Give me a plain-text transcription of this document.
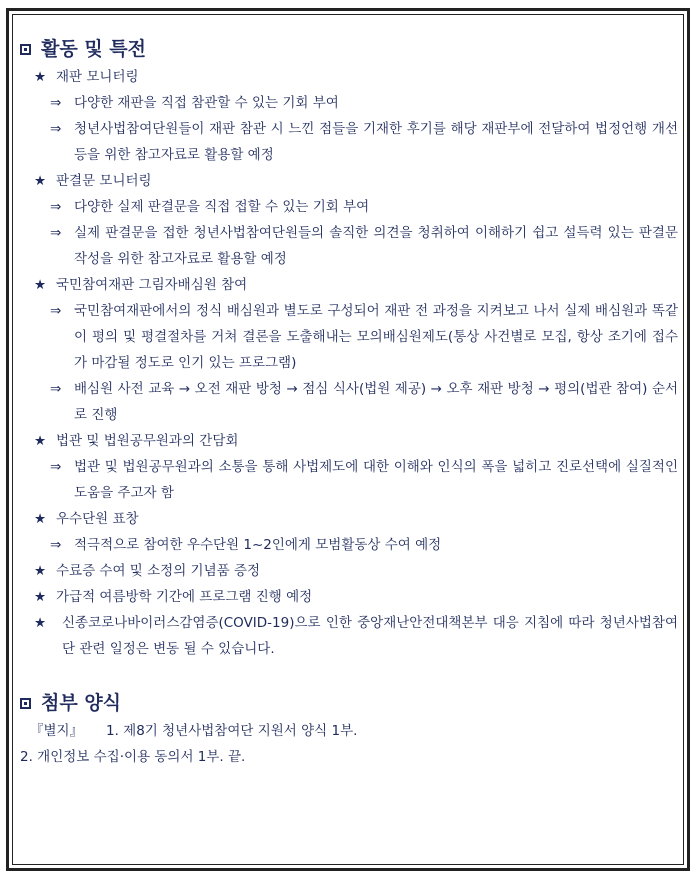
활동 및 특전
★ 재판 모니터링
⇒ 다양한 재판을 직접 참관할 수 있는 기회 부여
⇒ 청년사법참여단원들이 재판 참관 시 느낀 점들을 기재한 후기를 해당 재판부에 전달하여 법정언행 개선 등을 위한 참고자료로 활용할 예정
★ 판결문 모니터링
⇒ 다양한 실제 판결문을 직접 접할 수 있는 기회 부여
⇒ 실제 판결문을 접한 청년사법참여단원들의 솔직한 의견을 청취하여 이해하기 쉽고 설득력 있는 판결문 작성을 위한 참고자료로 활용할 예정
★ 국민참여재판 그림자배심원 참여
⇒ 국민참여재판에서의 정식 배심원과 별도로 구성되어 재판 전 과정을 지켜보고 나서 실제 배심원과 똑같이 평의 및 평결절차를 거쳐 결론을 도출해내는 모의배심원제도(통상 사건별로 모집, 항상 조기에 접수가 마감될 정도로 인기 있는 프로그램)
⇒ 배심원 사전 교육 → 오전 재판 방청 → 점심 식사(법원 제공) → 오후 재판 방청 → 평의(법관 참여) 순서로 진행
★ 법관 및 법원공무원과의 간담회
⇒ 법관 및 법원공무원과의 소통을 통해 사법제도에 대한 이해와 인식의 폭을 넓히고 진로선택에 실질적인 도움을 주고자 함
★ 우수단원 표창
⇒ 적극적으로 참여한 우수단원 1~2인에게 모범활동상 수여 예정
★ 수료증 수여 및 소정의 기념품 증정
★ 가급적 여름방학 기간에 프로그램 진행 예정
★ 신종코로나바이러스감염증(COVID-19)으로 인한 중앙재난안전대책본부 대응 지침에 따라 청년사법참여단 관련 일정은 변동 될 수 있습니다.
첨부 양식
『별지』 1. 제8기 청년사법참여단 지원서 양식 1부.
2. 개인정보 수집·이용 동의서 1부. 끝.
